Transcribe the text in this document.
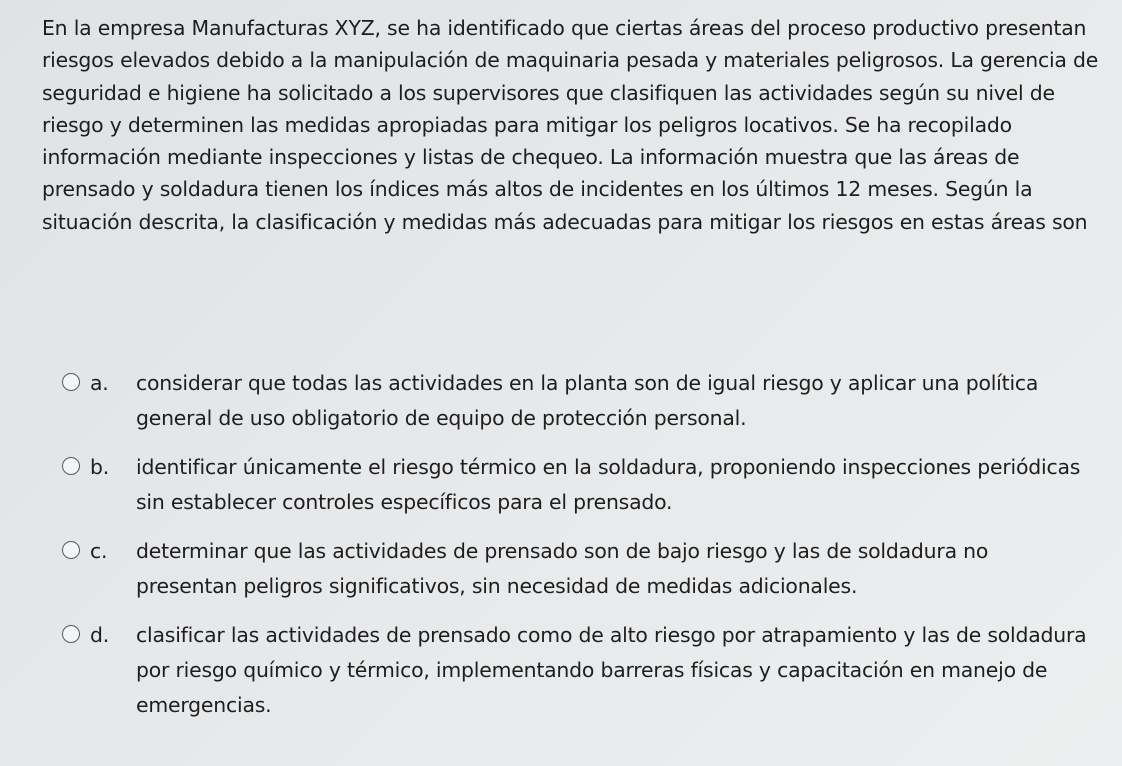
En la empresa Manufacturas XYZ, se ha identificado que ciertas áreas del proceso productivo presentan riesgos elevados debido a la manipulación de maquinaria pesada y materiales peligrosos. La gerencia de seguridad e higiene ha solicitado a los supervisores que clasifiquen las actividades según su nivel de riesgo y determinen las medidas apropiadas para mitigar los peligros locativos. Se ha recopilado información mediante inspecciones y listas de chequeo. La información muestra que las áreas de prensado y soldadura tienen los índices más altos de incidentes en los últimos 12 meses. Según la situación descrita, la clasificación y medidas más adecuadas para mitigar los riesgos en estas áreas son

a.	considerar que todas las actividades en la planta son de igual riesgo y aplicar una política general de uso obligatorio de equipo de protección personal.
b.	identificar únicamente el riesgo térmico en la soldadura, proponiendo inspecciones periódicas sin establecer controles específicos para el prensado.
c.	determinar que las actividades de prensado son de bajo riesgo y las de soldadura no presentan peligros significativos, sin necesidad de medidas adicionales.
d.	clasificar las actividades de prensado como de alto riesgo por atrapamiento y las de soldadura por riesgo químico y térmico, implementando barreras físicas y capacitación en manejo de emergencias.
